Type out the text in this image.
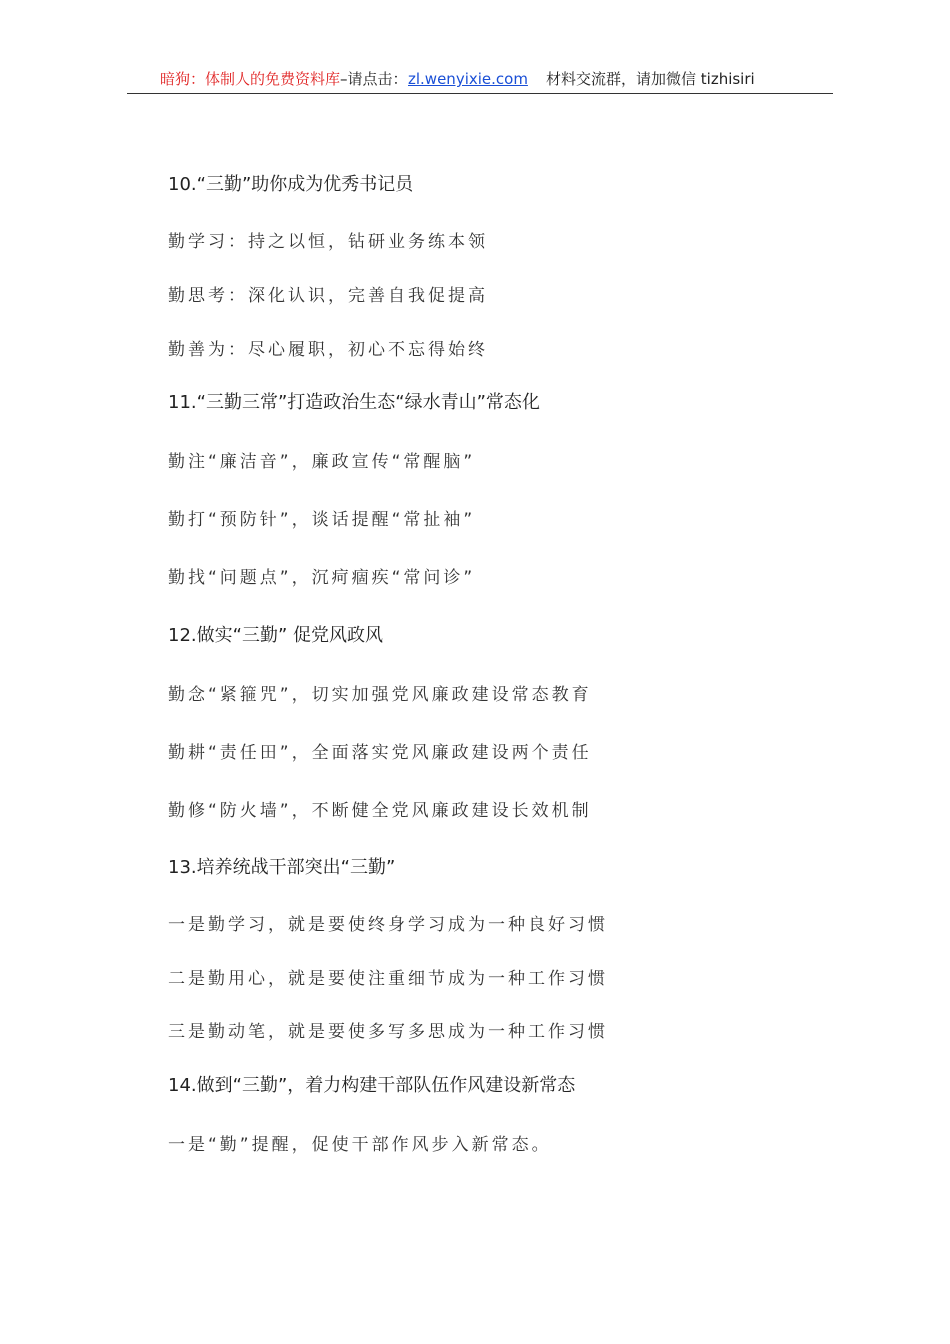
暗狗：体制人的免费资料库 –请点击： zl.wenyixie.com 材料交流群，请加微信 tizhisiri
10.“三勤”助你成为优秀书记员
勤学习：持之以恒，钻研业务练本领
勤思考：深化认识，完善自我促提高
勤善为：尽心履职，初心不忘得始终
11.“三勤三常”打造政治生态“绿水青山”常态化
勤注“廉洁音”，廉政宣传“常醒脑”
勤打“预防针”，谈话提醒“常扯袖”
勤找“问题点”，沉疴痼疾“常问诊”
12.做实“三勤” 促党风政风
勤念“紧箍咒”，切实加强党风廉政建设常态教育
勤耕“责任田”，全面落实党风廉政建设两个责任
勤修“防火墙”，不断健全党风廉政建设长效机制
13.培养统战干部突出“三勤”
一是勤学习，就是要使终身学习成为一种良好习惯
二是勤用心，就是要使注重细节成为一种工作习惯
三是勤动笔，就是要使多写多思成为一种工作习惯
14.做到“三勤”，着力构建干部队伍作风建设新常态
一是“勤”提醒，促使干部作风步入新常态。
